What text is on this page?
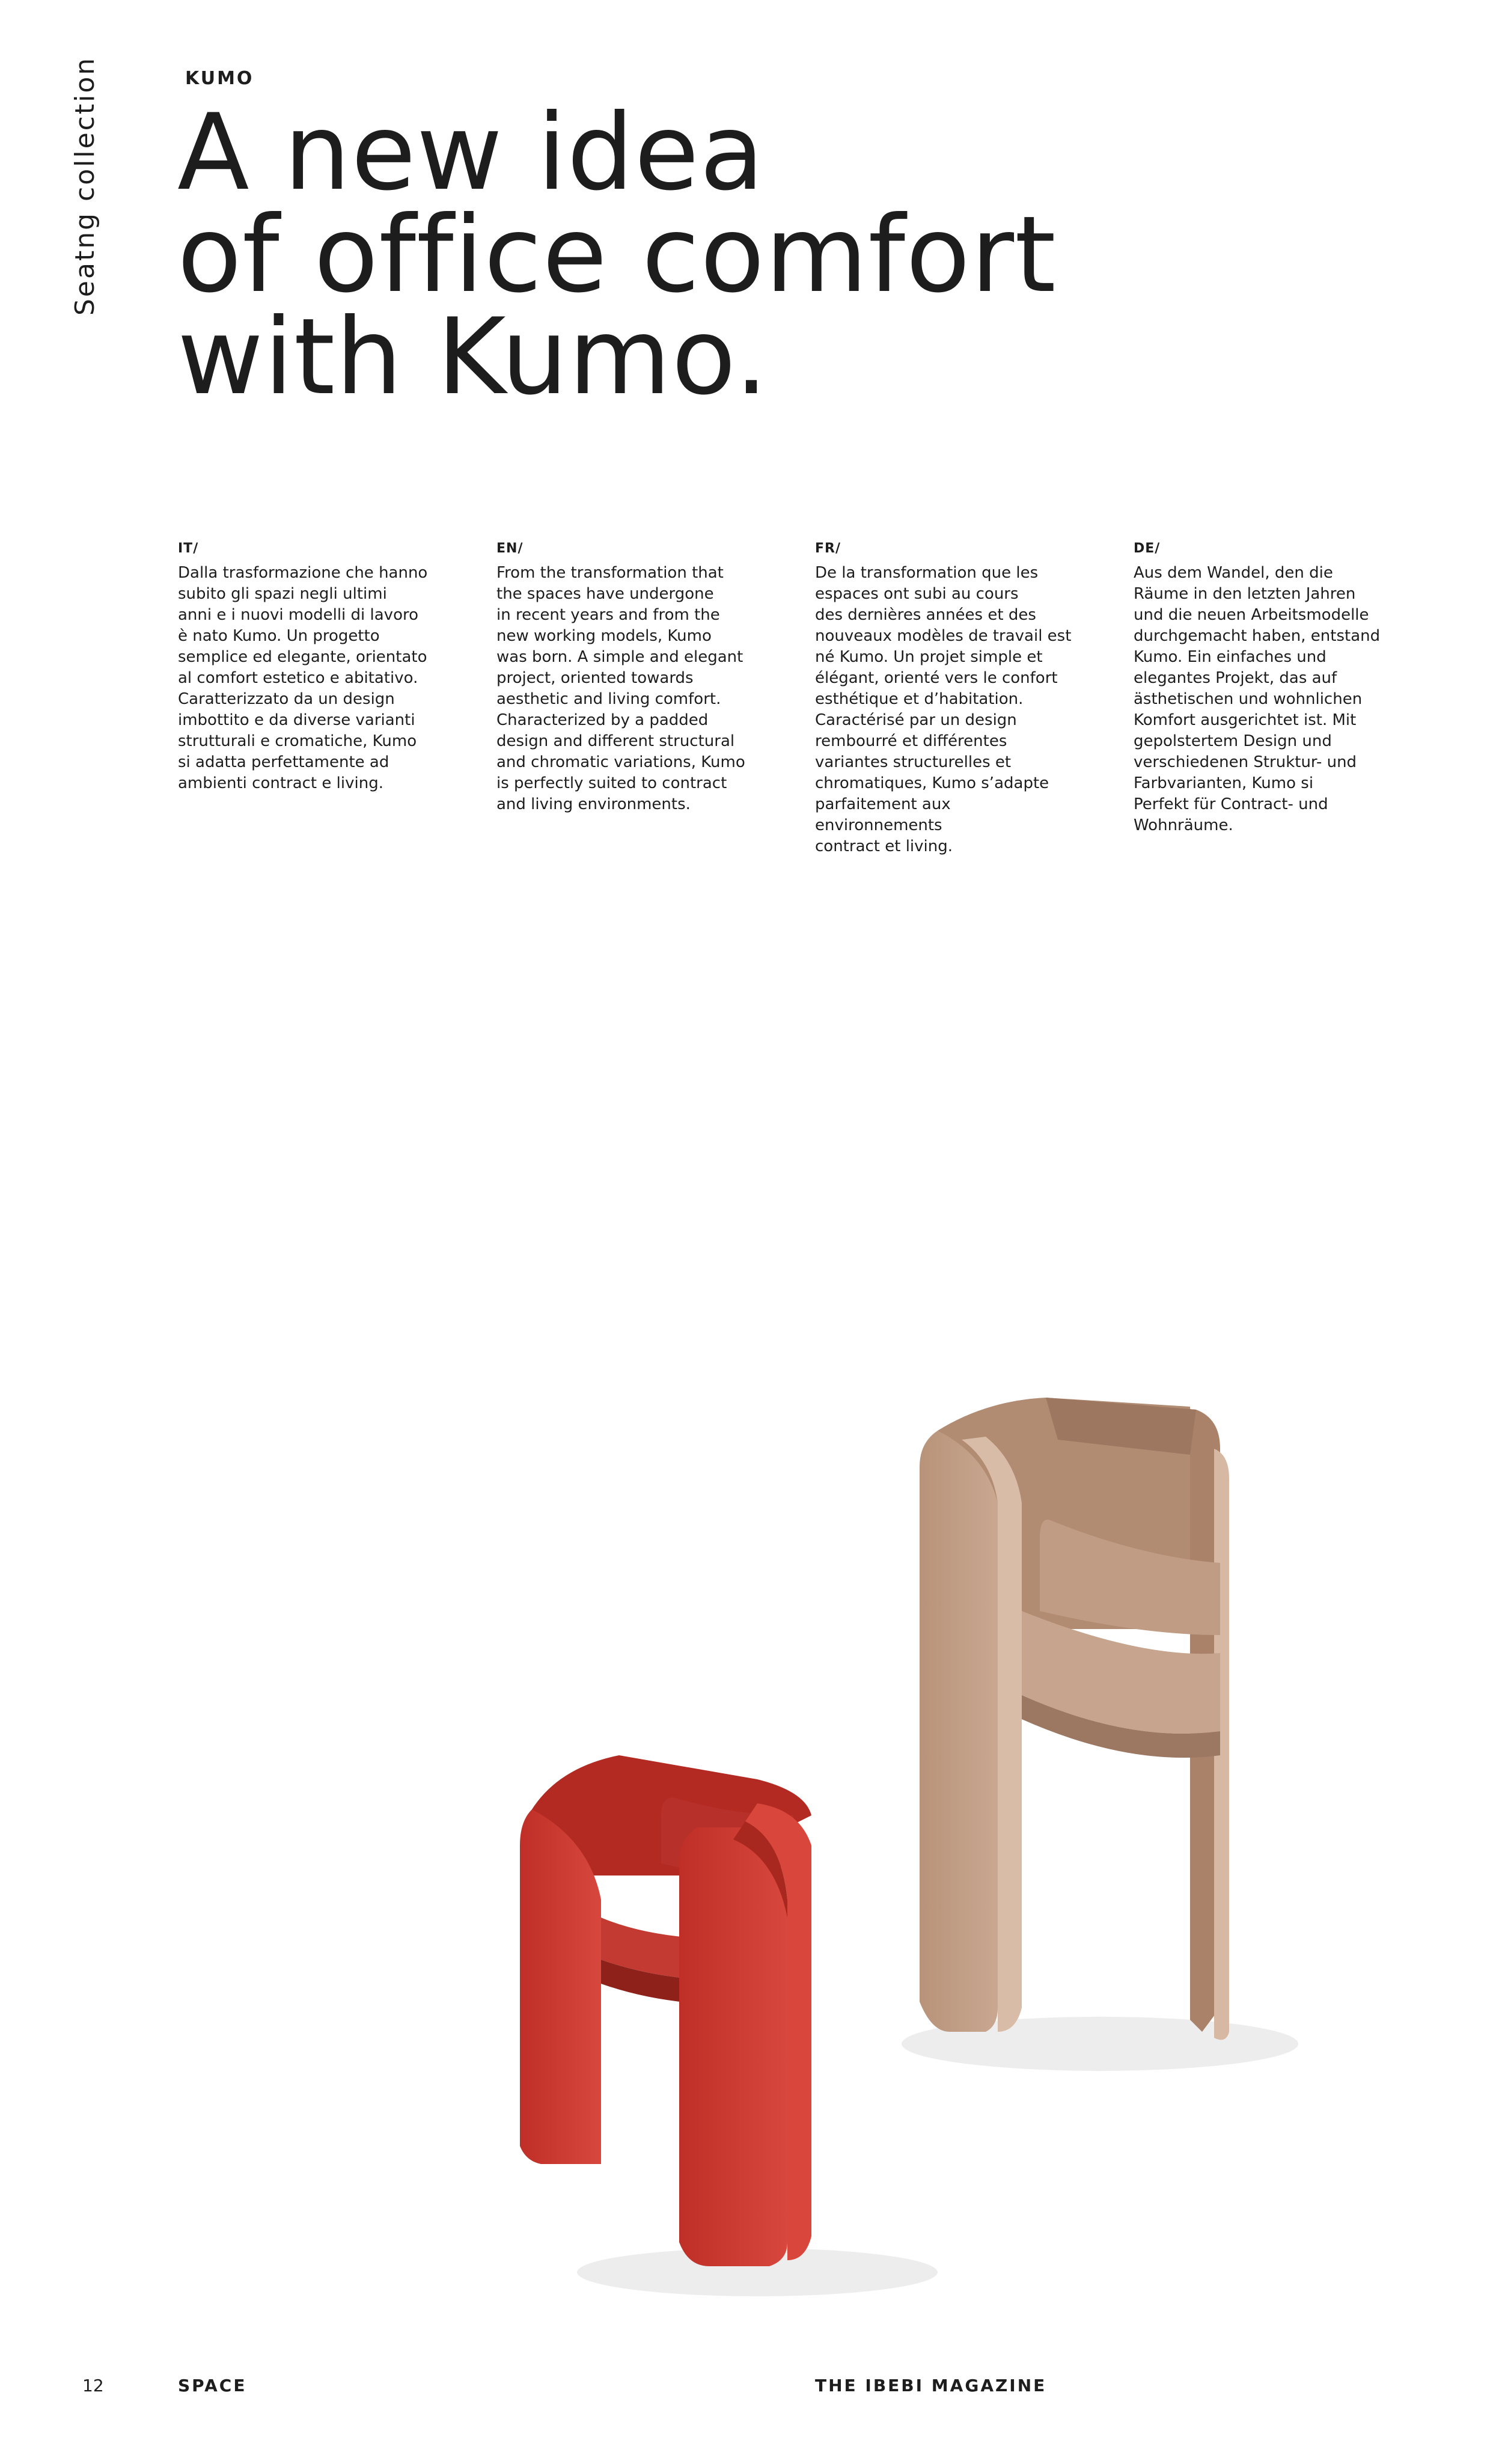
Seatng collection	KUMO
A new idea
of office comfort
with Kumo.
IT/
Dalla trasformazione che hanno
subito gli spazi negli ultimi
anni e i nuovi modelli di lavoro
è nato Kumo. Un progetto
semplice ed elegante, orientato
al comfort estetico e abitativo.
Caratterizzato da un design
imbottito e da diverse varianti
strutturali e cromatiche, Kumo
si adatta perfettamente ad
ambienti contract e living.
EN/
From the transformation that
the spaces have undergone
in recent years and from the
new working models, Kumo
was born. A simple and elegant
project, oriented towards
aesthetic and living comfort.
Characterized by a padded
design and different structural
and chromatic variations, Kumo
is perfectly suited to contract
and living environments.
FR/
De la transformation que les
espaces ont subi au cours
des dernières années et des
nouveaux modèles de travail est
né Kumo. Un projet simple et
élégant, orienté vers le confort
esthétique et d’habitation.
Caractérisé par un design
rembourré et différentes
variantes structurelles et
chromatiques, Kumo s’adapte
parfaitement aux environnements
contract et living.
DE/
Aus dem Wandel, den die
Räume in den letzten Jahren
und die neuen Arbeitsmodelle
durchgemacht haben, entstand
Kumo. Ein einfaches und
elegantes Projekt, das auf
ästhetischen und wohnlichen
Komfort ausgerichtet ist. Mit
gepolstertem Design und
verschiedenen Struktur- und
Farbvarianten, Kumo si
Perfekt für Contract- und
Wohnräume.
12	SPACE	THE IBEBI MAGAZINE
